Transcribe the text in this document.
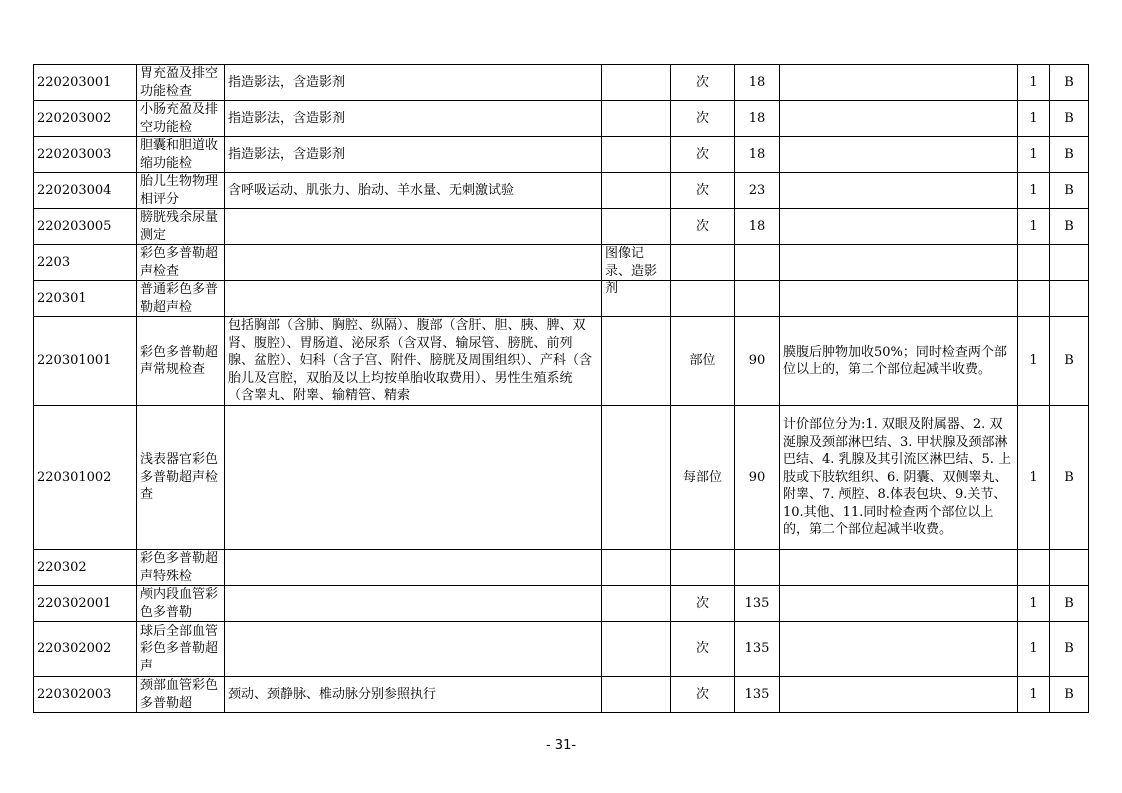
220203001	胃充盈及排空功能检查	指造影法，含造影剂		次	18		1	B

220203002	小肠充盈及排空功能检	指造影法，含造影剂		次	18		1	B

220203003	胆囊和胆道收缩功能检	指造影法，含造影剂		次	18		1	B

220203004	胎儿生物物理相评分	含呼吸运动、肌张力、胎动、羊水量、无刺激试验		次	23		1	B

220203005	膀胱残余尿量测定			次	18		1	B

2203	彩色多普勒超声检查		图像记录、造影剂					

220301	普通彩色多普勒超声检							

220301001	彩色多普勒超声常规检查	包括胸部（含肺、胸腔、纵隔）、腹部（含肝、胆、胰、脾、双肾、腹腔）、胃肠道、泌尿系（含双肾、输尿管、膀胱、前列腺、盆腔）、妇科（含子宫、附件、膀胱及周围组织）、产科（含胎儿及宫腔，双胎及以上均按单胎收取费用）、男性生殖系统（含睾丸、附睾、输精管、精索		部位	90	膜腹后肿物加收50%；同时检查两个部位以上的，第二个部位起减半收费。	1	B

220301002	浅表器官彩色多普勒超声检查			每部位	90	计价部位分为:1. 双眼及附属器、2. 双涎腺及颈部淋巴结、3. 甲状腺及颈部淋巴结、4. 乳腺及其引流区淋巴结、5. 上肢或下肢软组织、6. 阴囊、双侧睾丸、附睾、7. 颅腔、8.体表包块、9.关节、10.其他、11.同时检查两个部位以上的，第二个部位起减半收费。	1	B

220302	彩色多普勒超声特殊检							

220302001	颅内段血管彩色多普勒			次	135		1	B

220302002	球后全部血管彩色多普勒超声			次	135		1	B

220302003	颈部血管彩色多普勒超	颈动、颈静脉、椎动脉分别参照执行		次	135		1	B
- 31-
